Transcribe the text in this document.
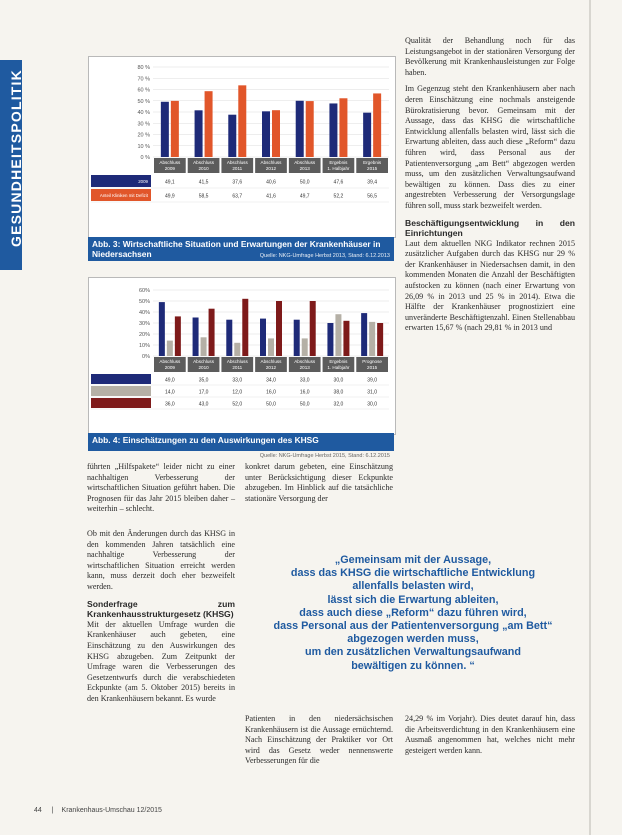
GESUNDHEITSPOLITIK
80 %
70 %
60 %
50 %
40 %
30 %
20 %
10 %
0 %
Abschluss
2009
Abschluss
2010
Abschluss
2011
Abschluss
2012
Abschluss
2013
Ergebnis
1. Halbjahr
Ergebnis
2015
2009	49,1	41,5	37,6	40,6	50,0	47,6	39,4
Anteil Kliniken mit Defizit	49,9	58,5	63,7	41,6	49,7	52,2	56,5
Abb. 3: Wirtschaftliche Situation und Erwartungen der Krankenhäuser in Niedersachsen	Quelle: NKG-Umfrage Herbst 2013, Stand: 6.12.2013
60%
50%
40%
30%
20%
10%
0%
Abschluss
2009
Abschluss
2010
Abschluss
2011
Abschluss
2012
Abschluss
2013
Ergebnis
1. Halbjahr
Prognose
2015
49,0	35,0	33,0	34,0	33,0	30,0	39,0
14,0	17,0	12,0	16,0	16,0	38,0	31,0
36,0	43,0	52,0	50,0	50,0	32,0	30,0
Abb. 4: Einschätzungen zu den Auswirkungen des KHSG
Quelle: NKG-Umfrage Herbst 2015, Stand: 6.12.2015

Qualität der Behandlung noch für das Leistungsangebot in der stationären Versorgung der Bevölkerung mit Krankenhausleistungen zur Folge haben.

Im Gegenzug steht den Krankenhäusern aber nach deren Einschätzung eine nochmals ansteigende Bürokratisierung bevor. Gemeinsam mit der Aussage, dass das KHSG die wirtschaftliche Entwicklung allenfalls belasten wird, lässt sich die Erwartung ableiten, dass auch diese „Reform“ dazu führen wird, dass Personal aus der Patientenversorgung „am Bett“ abgezogen werden muss, um den zusätzlichen Verwaltungsaufwand bewältigen zu können. Dass dies zu einer angestrebten Verbesserung der Versorgungslage führen soll, muss stark bezweifelt werden.

Beschäftigungsentwicklung in den Einrichtungen

Laut dem aktuellen NKG Indikator rechnen 2015 zusätzlicher Aufgaben durch das KHSG nur 29 % der Krankenhäuser in Niedersachsen damit, in den kommenden Monaten die Anzahl der Beschäftigten aufstocken zu können (nach einer Erwartung von 26,09 % in 2013 und 25 % in 2014). Etwa die Hälfte der Krankenhäuser prognostiziert eine unveränderte Beschäftigtenzahl. Einen Stellenabbau erwarten 15,67 % (nach 29,81 % in 2013 und

führten „Hilfspakete“ leider nicht zu einer nachhaltigen Verbesserung der wirtschaftlichen Situation geführt haben. Die Prognosen für das Jahr 2015 bleiben daher – weiterhin – schlecht.

Ob mit den Änderungen durch das KHSG in den kommenden Jahren tatsächlich eine nachhaltige Verbesserung der wirtschaftlichen Situation erreicht werden kann, muss derzeit doch eher bezweifelt werden.

Sonderfrage zum Krankenhausstrukturgesetz (KHSG)

Mit der aktuellen Umfrage wurden die Krankenhäuser auch gebeten, eine Einschätzung zu den Auswirkungen des KHSG abzugeben. Zum Zeitpunkt der Umfrage waren die Verbesserungen des Gesetzentwurfs durch die verabschiedeten Eckpunkte (am 5. Oktober 2015) bereits in den Krankenhäusern bekannt. Es wurde

konkret darum gebeten, eine Einschätzung unter Berücksichtigung dieser Eckpunkte abzugeben. Im Hinblick auf die tatsächliche stationäre Versorgung der

„Gemeinsam mit der Aussage,
dass das KHSG die wirtschaftliche Entwicklung
allenfalls belasten wird,
lässt sich die Erwartung ableiten,
dass auch diese „Reform“ dazu führen wird,
dass Personal aus der Patientenversorgung „am Bett“
abgezogen werden muss,
um den zusätzlichen Verwaltungsaufwand
bewältigen zu können. “

Patienten in den niedersächsischen Krankenhäusern ist die Aussage ernüchternd. Nach Einschätzung der Praktiker vor Ort wird das Gesetz weder nennenswerte Verbesserungen für die

24,29 % im Vorjahr). Dies deutet darauf hin, dass die Arbeitsverdichtung in den Krankenhäusern eine Ausmaß angenommen hat, welches nicht mehr gesteigert werden kann.

44 | Krankenhaus-Umschau 12/2015
